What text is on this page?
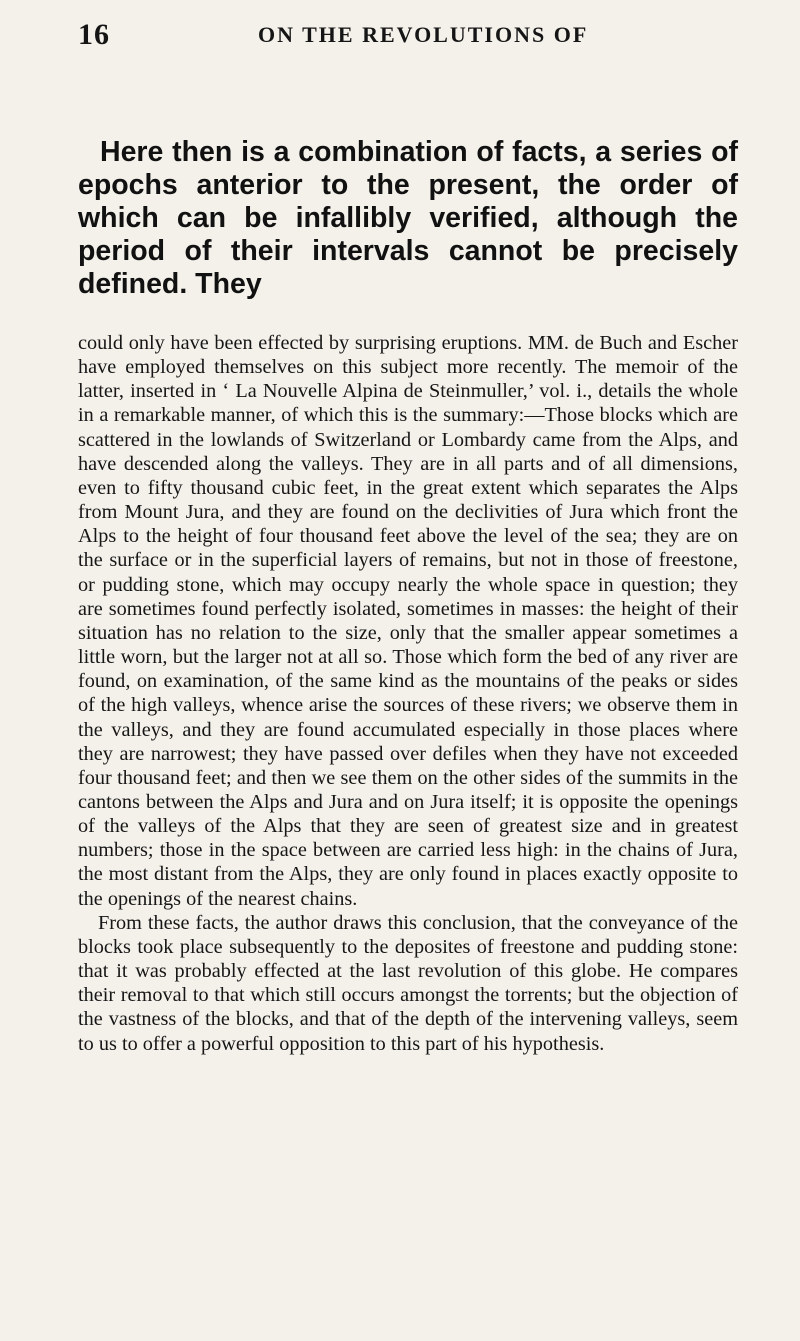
16	ON THE REVOLUTIONS OF

Here then is a combination of facts, a series of epochs anterior to the present, the order of which can be infallibly verified, although the period of their intervals cannot be precisely defined. They

could only have been effected by surprising eruptions. MM. de Buch and Escher have employed themselves on this subject more recently. The memoir of the latter, inserted in ‘ La Nouvelle Alpina de Steinmuller,’ vol. i., details the whole in a remarkable manner, of which this is the summary:—Those blocks which are scattered in the lowlands of Switzerland or Lombardy came from the Alps, and have descended along the valleys. They are in all parts and of all dimensions, even to fifty thousand cubic feet, in the great extent which separates the Alps from Mount Jura, and they are found on the declivities of Jura which front the Alps to the height of four thousand feet above the level of the sea; they are on the surface or in the superficial layers of remains, but not in those of freestone, or pudding stone, which may occupy nearly the whole space in question; they are sometimes found perfectly isolated, sometimes in masses: the height of their situation has no relation to the size, only that the smaller appear sometimes a little worn, but the larger not at all so. Those which form the bed of any river are found, on examination, of the same kind as the mountains of the peaks or sides of the high valleys, whence arise the sources of these rivers; we observe them in the valleys, and they are found accumulated especially in those places where they are narrowest; they have passed over defiles when they have not exceeded four thousand feet; and then we see them on the other sides of the summits in the cantons between the Alps and Jura and on Jura itself; it is opposite the openings of the valleys of the Alps that they are seen of greatest size and in greatest numbers; those in the space between are carried less high: in the chains of Jura, the most distant from the Alps, they are only found in places exactly opposite to the openings of the nearest chains.

From these facts, the author draws this conclusion, that the conveyance of the blocks took place subsequently to the deposites of freestone and pudding stone: that it was probably effected at the last revolution of this globe. He compares their removal to that which still occurs amongst the torrents; but the objection of the vastness of the blocks, and that of the depth of the intervening valleys, seem to us to offer a powerful opposition to this part of his hypothesis.
